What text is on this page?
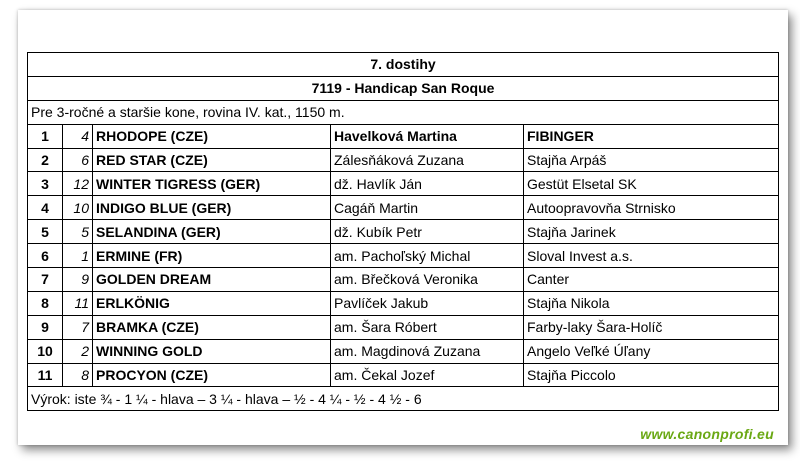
7. dostihy				
7119 - Handicap San Roque				
Pre 3-ročné a staršie kone, rovina IV. kat., 1150 m.				
1	4	RHODOPE (CZE)	Havelková Martina	FIBINGER
2	6	RED STAR (CZE)	Zálesňáková Zuzana	Stajňa Arpáš
3	12	WINTER TIGRESS (GER)	dž. Havlík Ján	Gestüt Elsetal SK
4	10	INDIGO BLUE (GER)	Cagáň Martin	Autoopravovňa Strnisko
5	5	SELANDINA (GER)	dž. Kubík Petr	Stajňa Jarinek
6	1	ERMINE (FR)	am. Pachoľský Michal	Sloval Invest a.s.
7	9	GOLDEN DREAM	am. Břečková Veronika	Canter
8	11	ERLKÖNIG	Pavlíček Jakub	Stajňa Nikola
9	7	BRAMKA (CZE)	am. Šara Róbert	Farby-laky Šara-Holíč
10	2	WINNING GOLD	am. Magdinová Zuzana	Angelo Veľké Úľany
11	8	PROCYON (CZE)	am. Čekal Jozef	Stajňa Piccolo
Výrok: iste ¾ - 1 ¼ - hlava – 3 ¼ - hlava – ½ - 4 ¼ - ½ - 4 ½ - 6				
www.canonprofi.eu
